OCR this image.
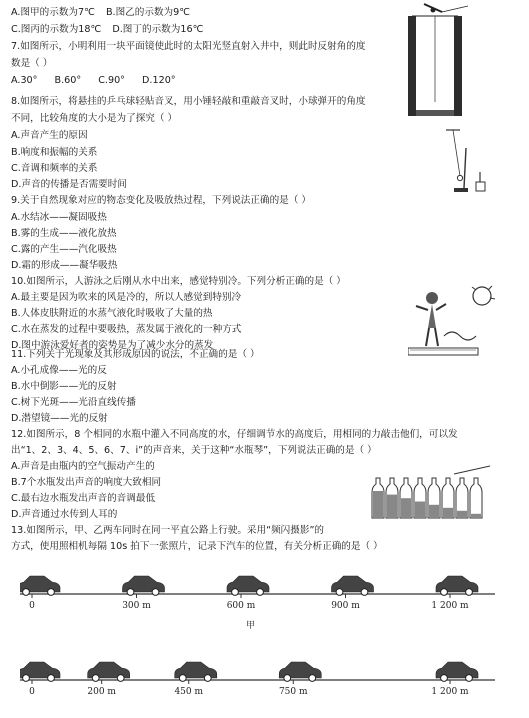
A.图甲的示数为7℃ B.图乙的示数为9℃
C.图丙的示数为18℃ D.图丁的示数为16℃
7.如图所示，小明利用一块平面镜使此时的太阳光竖直射入井中，则此时反射角的度
数是（ ）
A.30° B.60° C.90° D.120°
8.如图所示，将悬挂的乒乓球轻贴音叉，用小锤轻敲和重敲音叉时，小球弹开的角度
不同，比较角度的大小是为了探究（ ）
A.声音产生的原因
B.响度和振幅的关系
C.音调和频率的关系
D.声音的传播是否需要时间
9.关于自然现象对应的物态变化及吸放热过程，下列说法正确的是（ ）
A.水结冰——凝固吸热
B.雾的生成——液化放热
C.露的产生——汽化吸热
D.霜的形成——凝华吸热
10.如图所示，人游泳之后刚从水中出来，感觉特别冷。下列分析正确的是（ ）
A.最主要是因为吹来的风是冷的，所以人感觉到特别冷
B.人体皮肤附近的水蒸气液化时吸收了大量的热
C.水在蒸发的过程中要吸热，蒸发属于液化的一种方式
D.图中游泳爱好者的姿势是为了减少水分的蒸发
11.下列关于光现象及其形成原因的说法，不正确的是（ ）
A.小孔成像——光的反
B.水中倒影——光的反射
C.树下光斑——光沿直线传播
D.潜望镜——光的反射
12.如图所示，8 个相同的水瓶中灌入不同高度的水，仔细调节水的高度后，用相同的力敲击他们，可以发
出“1、2、3、4、5、6、7、i”的声音来，关于这种“水瓶琴”，下列说法正确的是（ ）
A.声音是由瓶内的空气振动产生的
B.7个水瓶发出声音的响度大致相同
C.最右边水瓶发出声音的音调最低
D.声音通过水传到人耳的
13.如图所示，甲、乙两车同时在同一平直公路上行驶。采用“频闪摄影”的
方式，使用照相机每隔 10s 拍下一张照片，记录下汽车的位置，有关分析正确的是（ ）
0	300 m	600 m	900 m	1 200 m
甲
0	200 m	450 m	750 m	1 200 m
